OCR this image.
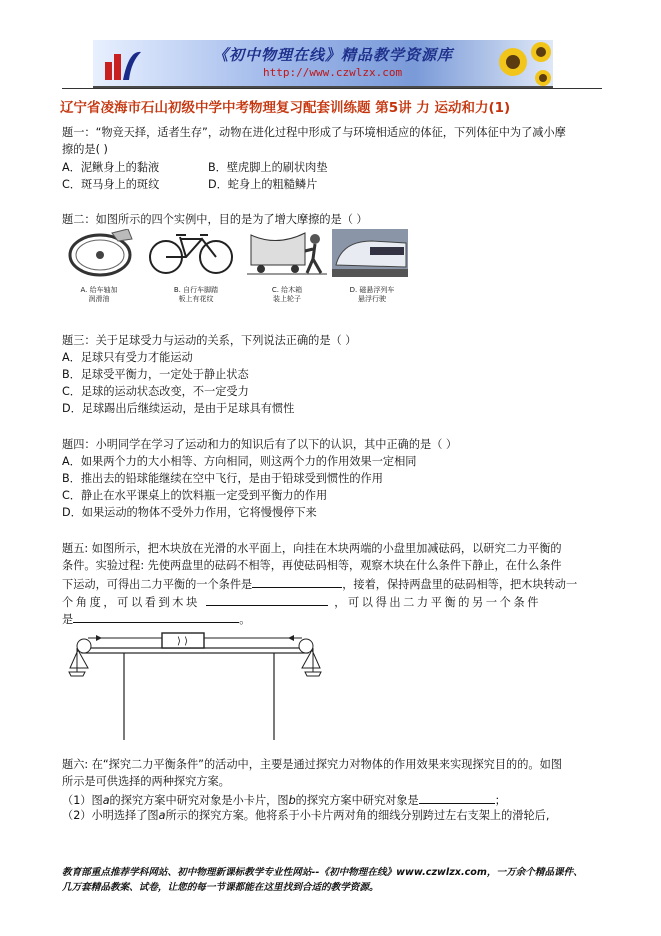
《初中物理在线》精品教学资源库
http://www.czwlzx.com
辽宁省凌海市石山初级中学中考物理复习配套训练题 第5讲 力 运动和力(1)
题一：“物竞天择，适者生存”，动物在进化过程中形成了与环境相适应的体征，下列体征中为了减小摩
擦的是( )
A．泥鳅身上的黏液	B．壁虎脚上的刷状肉垫
C．斑马身上的斑纹	D．蛇身上的粗糙鳞片
题二：如图所示的四个实例中，目的是为了增大摩擦的是（ ）
A. 给车轴加
润滑油
B. 自行车脚踏
板上有花纹
C. 给木箱
装上轮子
D. 磁悬浮列车
悬浮行驶
题三：关于足球受力与运动的关系，下列说法正确的是（ ）
A．足球只有受力才能运动
B．足球受平衡力，一定处于静止状态
C．足球的运动状态改变，不一定受力
D．足球踢出后继续运动，是由于足球具有惯性
题四：小明同学在学习了运动和力的知识后有了以下的认识，其中正确的是（ ）
A．如果两个力的大小相等、方向相同，则这两个力的作用效果一定相同
B．推出去的铅球能继续在空中飞行，是由于铅球受到惯性的作用
C．静止在水平课桌上的饮料瓶一定受到平衡力的作用
D．如果运动的物体不受外力作用，它将慢慢停下来
题五: 如图所示，把木块放在光滑的水平面上，向挂在木块两端的小盘里加减砝码，以研究二力平衡的
条件。实验过程: 先使两盘里的砝码不相等，再使砝码相等，观察木块在什么条件下静止，在什么条件
下运动，可得出二力平衡的一个条件是	，接着，保持两盘里的砝码相等，把木块转动一
个角度，可以看到木块	，可以得出二力平衡的另一个条件
是	。
⟩ ⟩
题六: 在“探究二力平衡条件”的活动中，主要是通过探究力对物体的作用效果来实现探究目的的。如图
所示是可供选择的两种探究方案。
（1）图a的探究方案中研究对象是小卡片，图b的探究方案中研究对象是	；
（2）小明选择了图a所示的探究方案。他将系于小卡片两对角的细线分别跨过左右支架上的滑轮后,
教育部重点推荐学科网站、初中物理新课标教学专业性网站--《初中物理在线》www.czwlzx.com，一万余个精品课件、
几万套精品教案、试卷，让您的每一节课都能在这里找到合适的教学资源。
